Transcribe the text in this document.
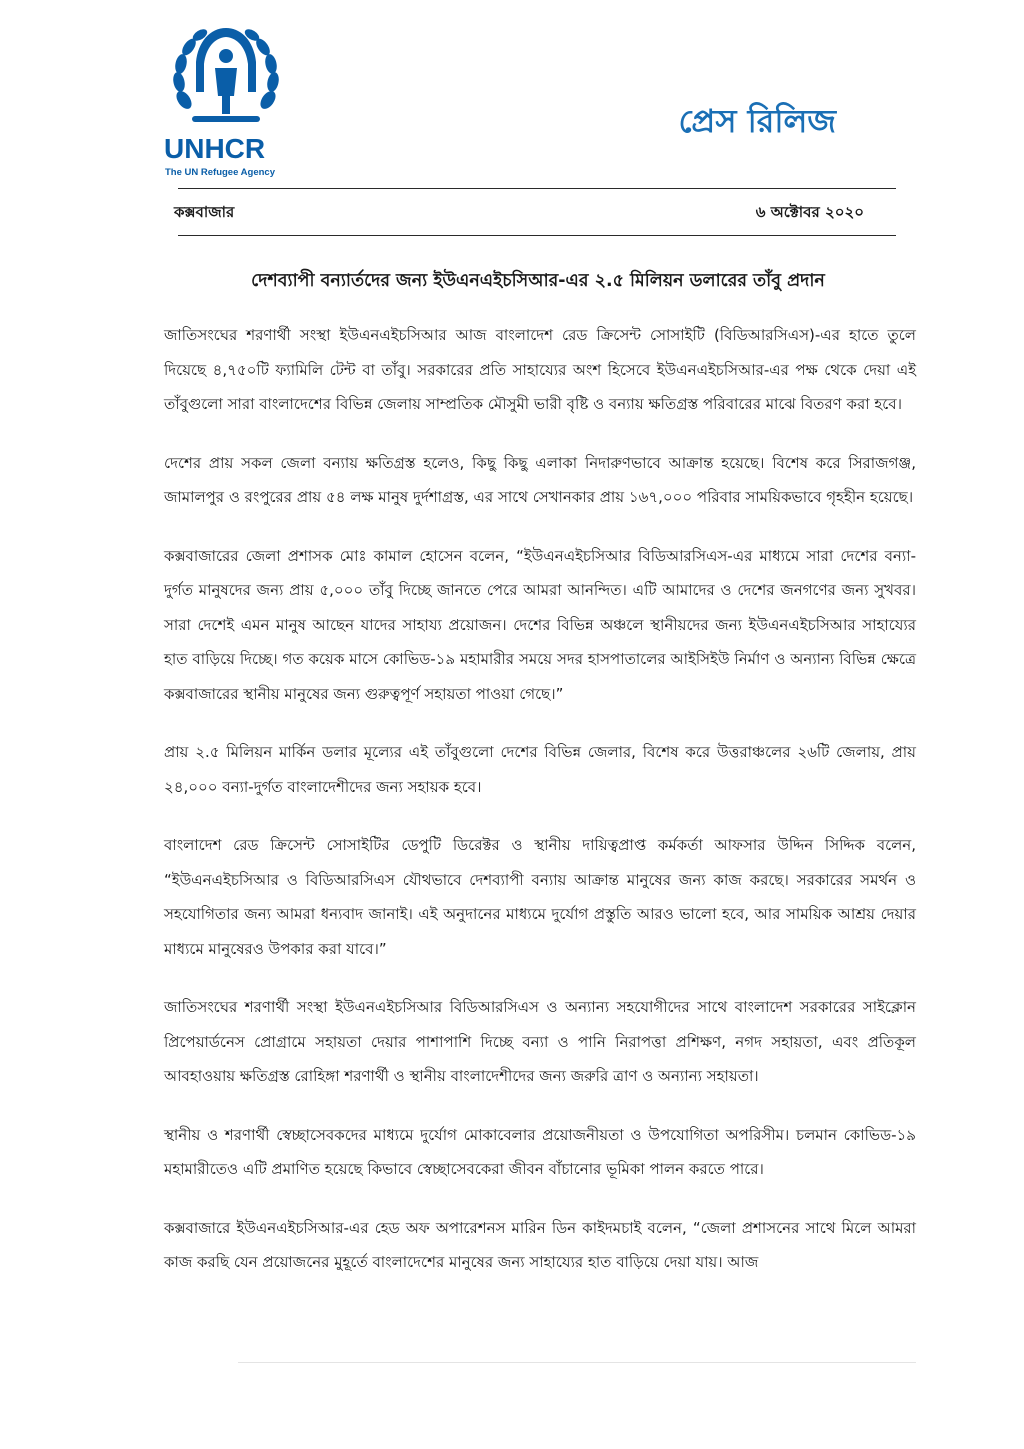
UNHCR
The UN Refugee Agency
প্রেস রিলিজ
কক্সবাজার	৬ অক্টোবর ২০২০
দেশব্যাপী বন্যার্তদের জন্য ইউএনএইচসিআর-এর ২.৫ মিলিয়ন ডলারের তাঁবু প্রদান

জাতিসংঘের শরণার্থী সংস্থা ইউএনএইচসিআর আজ বাংলাদেশ রেড ক্রিসেন্ট সোসাইটি (বিডিআরসিএস)-এর হাতে তুলে দিয়েছে ৪,৭৫০টি ফ্যামিলি টেন্ট বা তাঁবু। সরকারের প্রতি সাহায্যের অংশ হিসেবে ইউএনএইচসিআর-এর পক্ষ থেকে দেয়া এই তাঁবুগুলো সারা বাংলাদেশের বিভিন্ন জেলায় সাম্প্রতিক মৌসুমী ভারী বৃষ্টি ও বন্যায় ক্ষতিগ্রস্ত পরিবারের মাঝে বিতরণ করা হবে।

দেশের প্রায় সকল জেলা বন্যায় ক্ষতিগ্রস্ত হলেও, কিছু কিছু এলাকা নিদারুণভাবে আক্রান্ত হয়েছে। বিশেষ করে সিরাজগঞ্জ, জামালপুর ও রংপুরের প্রায় ৫৪ লক্ষ মানুষ দুর্দশাগ্রস্ত, এর সাথে সেখানকার প্রায় ১৬৭,০০০ পরিবার সাময়িকভাবে গৃহহীন হয়েছে।

কক্সবাজারের জেলা প্রশাসক মোঃ কামাল হোসেন বলেন, “ইউএনএইচসিআর বিডিআরসিএস-এর মাধ্যমে সারা দেশের বন্যা-দুর্গত মানুষদের জন্য প্রায় ৫,০০০ তাঁবু দিচ্ছে জানতে পেরে আমরা আনন্দিত। এটি আমাদের ও দেশের জনগণের জন্য সুখবর। সারা দেশেই এমন মানুষ আছেন যাদের সাহায্য প্রয়োজন। দেশের বিভিন্ন অঞ্চলে স্থানীয়দের জন্য ইউএনএইচসিআর সাহায্যের হাত বাড়িয়ে দিচ্ছে। গত কয়েক মাসে কোভিড-১৯ মহামারীর সময়ে সদর হাসপাতালের আইসিইউ নির্মাণ ও অন্যান্য বিভিন্ন ক্ষেত্রে কক্সবাজারের স্থানীয় মানুষের জন্য গুরুত্বপূর্ণ সহায়তা পাওয়া গেছে।”

প্রায় ২.৫ মিলিয়ন মার্কিন ডলার মূল্যের এই তাঁবুগুলো দেশের বিভিন্ন জেলার, বিশেষ করে উত্তরাঞ্চলের ২৬টি জেলায়, প্রায় ২৪,০০০ বন্যা-দুর্গত বাংলাদেশীদের জন্য সহায়ক হবে।

বাংলাদেশ রেড ক্রিসেন্ট সোসাইটির ডেপুটি ডিরেক্টর ও স্থানীয় দায়িত্বপ্রাপ্ত কর্মকর্তা আফসার উদ্দিন সিদ্দিক বলেন, “ইউএনএইচসিআর ও বিডিআরসিএস যৌথভাবে দেশব্যাপী বন্যায় আক্রান্ত মানুষের জন্য কাজ করছে। সরকারের সমর্থন ও সহযোগিতার জন্য আমরা ধন্যবাদ জানাই। এই অনুদানের মাধ্যমে দুর্যোগ প্রস্তুতি আরও ভালো হবে, আর সাময়িক আশ্রয় দেয়ার মাধ্যমে মানুষেরও উপকার করা যাবে।”

জাতিসংঘের শরণার্থী সংস্থা ইউএনএইচসিআর বিডিআরসিএস ও অন্যান্য সহযোগীদের সাথে বাংলাদেশ সরকারের সাইক্লোন প্রিপেয়ার্ডনেস প্রোগ্রামে সহায়তা দেয়ার পাশাপাশি দিচ্ছে বন্যা ও পানি নিরাপত্তা প্রশিক্ষণ, নগদ সহায়তা, এবং প্রতিকূল আবহাওয়ায় ক্ষতিগ্রস্ত রোহিঙ্গা শরণার্থী ও স্থানীয় বাংলাদেশীদের জন্য জরুরি ত্রাণ ও অন্যান্য সহায়তা।

স্থানীয় ও শরণার্থী স্বেচ্ছাসেবকদের মাধ্যমে দুর্যোগ মোকাবেলার প্রয়োজনীয়তা ও উপযোগিতা অপরিসীম। চলমান কোভিড-১৯ মহামারীতেও এটি প্রমাণিত হয়েছে কিভাবে স্বেচ্ছাসেবকেরা জীবন বাঁচানোর ভূমিকা পালন করতে পারে।

কক্সবাজারে ইউএনএইচসিআর-এর হেড অফ অপারেশনস মারিন ডিন কাইদমচাই বলেন, “জেলা প্রশাসনের সাথে মিলে আমরা কাজ করছি যেন প্রয়োজনের মুহূর্তে বাংলাদেশের মানুষের জন্য সাহায্যের হাত বাড়িয়ে দেয়া যায়। আজ
